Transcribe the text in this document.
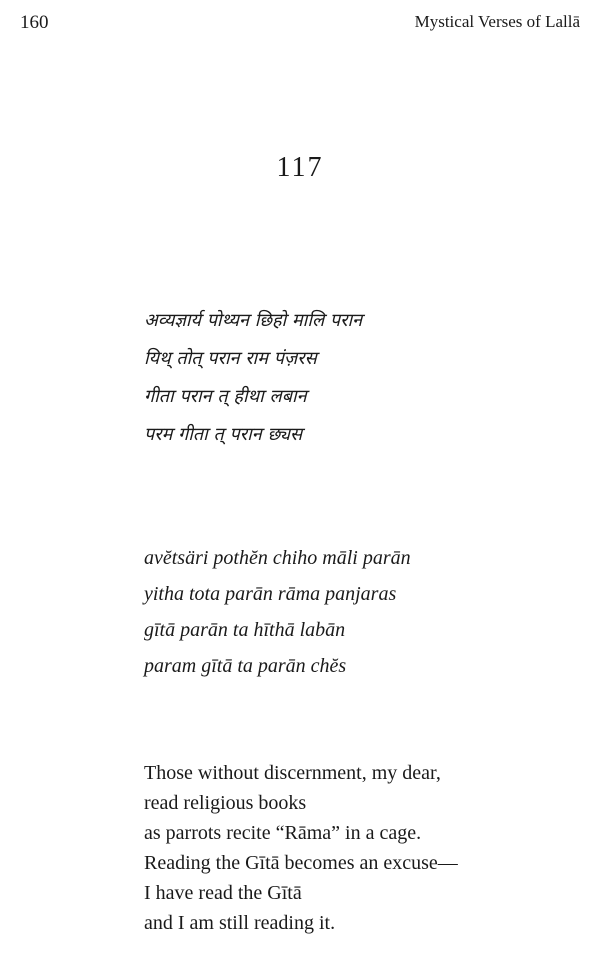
160	Mystical Verses of Lallā
117
अव्यज्ञार्य पोथ्यन छिहो मालि परान
यिथ् तोत् परान राम पंज़रस
गीता परान त् हीथा लबान
परम गीता त् परान छ्यस
avĕtsäri pothĕn chiho māli parān
yitha tota parān rāma panjaras
gītā parān ta hīthā labān
param gītā ta parān chĕs
Those without discernment, my dear,
read religious books
as parrots recite “Rāma” in a cage.
Reading the Gītā becomes an excuse—
I have read the Gītā
and I am still reading it.
